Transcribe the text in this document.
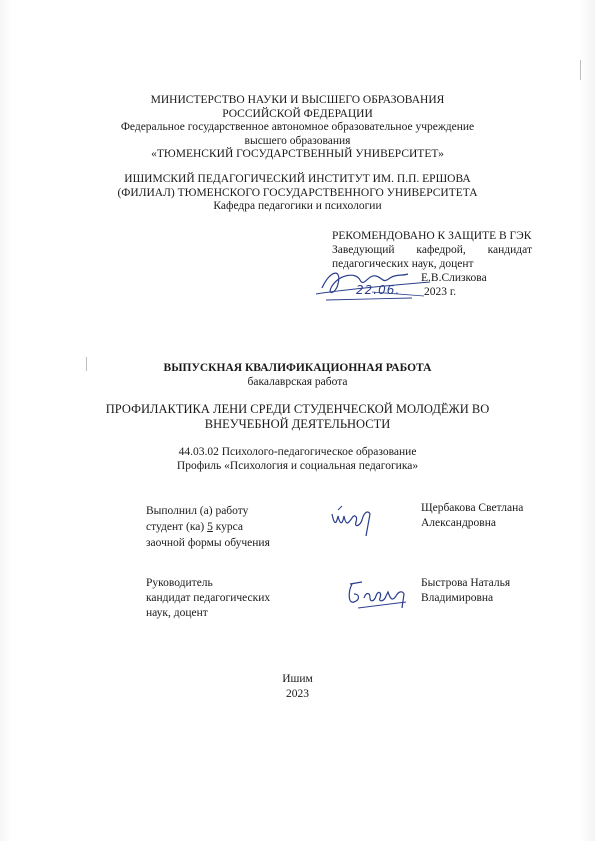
МИНИСТЕРСТВО НАУКИ И ВЫСШЕГО ОБРАЗОВАНИЯ
РОССИЙСКОЙ ФЕДЕРАЦИИ
Федеральное государственное автономное образовательное учреждение
высшего образования
«ТЮМЕНСКИЙ ГОСУДАРСТВЕННЫЙ УНИВЕРСИТЕТ»
ИШИМСКИЙ ПЕДАГОГИЧЕСКИЙ ИНСТИТУТ ИМ. П.П. ЕРШОВА
(ФИЛИАЛ) ТЮМЕНСКОГО ГОСУДАРСТВЕННОГО УНИВЕРСИТЕТА
Кафедра педагогики и психологии
РЕКОМЕНДОВАНО К ЗАЩИТЕ В ГЭК
Заведующий кафедрой, кандидат
педагогических наук, доцент
Е.В.Слизкова
2023 г.
22.06.
ВЫПУСКНАЯ КВАЛИФИКАЦИОННАЯ РАБОТА
бакалаврская работа
ПРОФИЛАКТИКА ЛЕНИ СРЕДИ СТУДЕНЧЕСКОЙ МОЛОДЁЖИ ВО
ВНЕУЧЕБНОЙ ДЕЯТЕЛЬНОСТИ
44.03.02 Психолого-педагогическое образование
Профиль «Психология и социальная педагогика»
Выполнил (а) работу
студент (ка) 5 курса
заочной формы обучения
Щербакова Светлана
Александровна
Руководитель
кандидат педагогических
наук, доцент
Быстрова Наталья
Владимировна
Ишим
2023
